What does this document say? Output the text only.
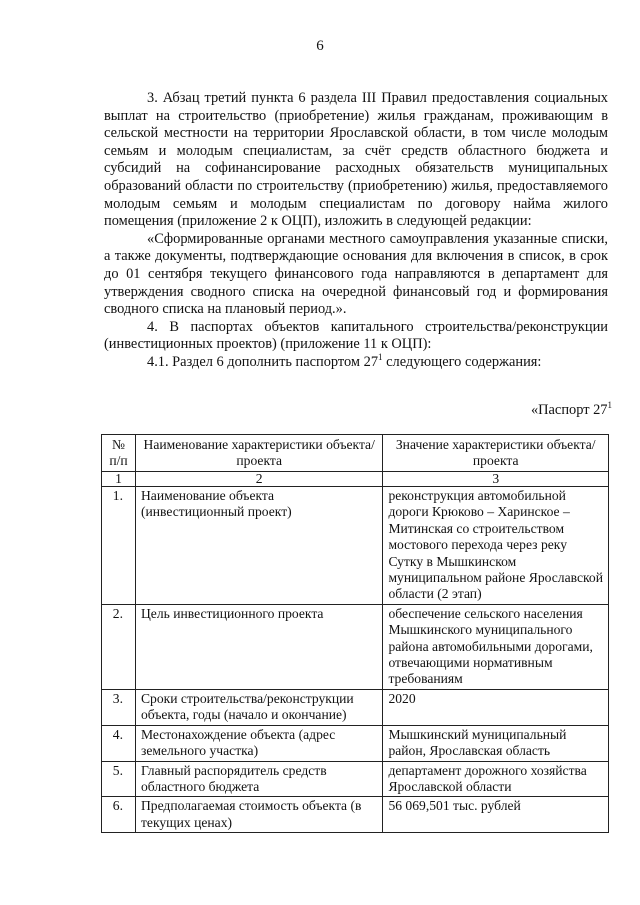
6

3. Абзац третий пункта 6 раздела III Правил предоставления социальных выплат на строительство (приобретение) жилья гражданам, проживающим в сельской местности на территории Ярославской области, в том числе молодым семьям и молодым специалистам, за счёт средств областного бюджета и субсидий на софинансирование расходных обязательств муниципальных образований области по строительству (приобретению) жилья, предоставляемого молодым семьям и молодым специалистам по договору найма жилого помещения (приложение 2 к ОЦП), изложить в следующей редакции:

«Сформированные органами местного самоуправления указанные списки, а также документы, подтверждающие основания для включения в список, в срок до 01 сентября текущего финансового года направляются в департамент для утверждения сводного списка на очередной финансовый год и формирования сводного списка на плановый период.».

4. В паспортах объектов капитального строительства/реконструкции (инвестиционных проектов) (приложение 11 к ОЦП):

4.1. Раздел 6 дополнить паспортом $27^1$ следующего содержания:

«Паспорт $27^1$
№ п/п	Наименование характеристики объекта/проекта	Значение характеристики объекта/проекта
1	2	3
1.	Наименование объекта (инвестиционный проект)	реконструкция автомобильной дороги Крюково – Харинское – Митинская со строительством мостового перехода через реку Сутку в Мышкинском муниципальном районе Ярославской области (2 этап)
2.	Цель инвестиционного проекта	обеспечение сельского населения Мышкинского муниципального района автомобильными дорогами, отвечающими нормативным требованиям
3.	Сроки строительства/реконструкции объекта, годы (начало и окончание)	2020
4.	Местонахождение объекта (адрес земельного участка)	Мышкинский муниципальный район, Ярославская область
5.	Главный распорядитель средств областного бюджета	департамент дорожного хозяйства Ярославской области
6.	Предполагаемая стоимость объекта (в текущих ценах)	56 069,501 тыс. рублей
